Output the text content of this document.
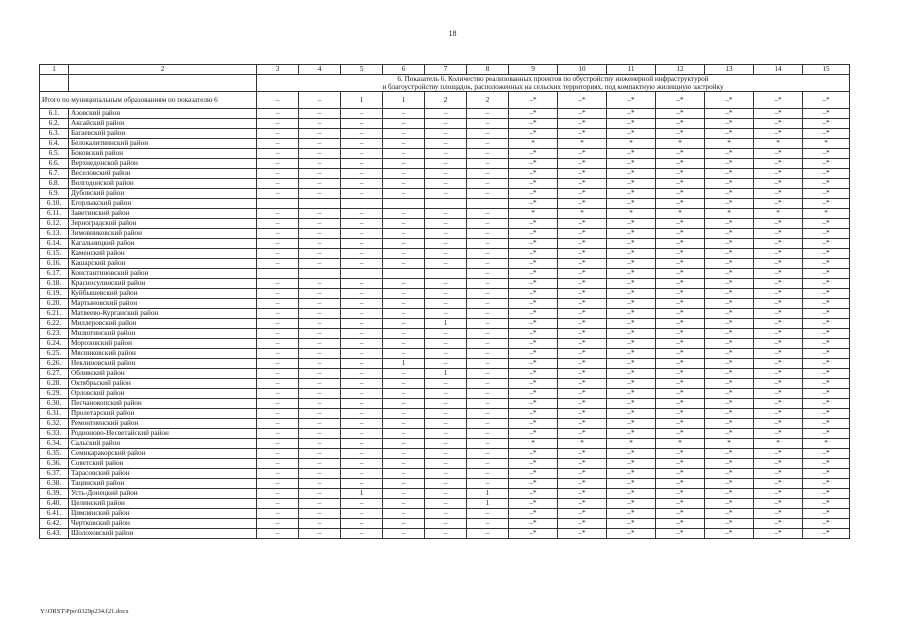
18
1	2	3	4	5	6	7	8	9	10	11	12	13	14	15

		6. Показатель 6. Количество реализованных проектов по обустройству инженерной инфраструктурой
и благоустройству площадок, расположенных на сельских территориях, под компактную жилищную застройку												

Итого по муниципальным образованиям по показателю 6		–	–	1	1	2	2	–*	–*	–*	–*	–*	–*	–*
6.1.	Азовский район	–	–	–	–	–	–	–*	–*	–*	–*	–*	–*	–*
6.2.	Аксайский район	–	–	–	–	–	–	–*	–*	–*	–*	–*	–*	–*
6.3.	Багаевский район	–	–	–	–	–	–	–*	–*	–*	–*	–*	–*	–*
6.4.	Белокалитвинский район	–	–	–	–	–	–	*	*	*	*	*	*	*
6.5.	Боковский район	–	–	–	–	–	–	–*	–*	–*	–*	–*	–*	–*
6.6.	Верхнедонской район	–	–	–	–	–	–	–*	–*	–*	–*	–*	–*	–*
6.7.	Веселовский район	–	–	–	–	–	–	–*	–*	–*	–*	–*	–*	–*
6.8.	Волгодонской район	–	–	–	–	–	–	–*	–*	–*	–*	–*	–*	–*
6.9.	Дубовский район	–	–	–	–	–	–	–*	–*	–*	–*	–*	–*	–*
6.10.	Егорлыкский район							–*	–*	–*	–*	–*	–*	–*
6.11.	Заветинский район	–	–	–	–	–	–	*	*	*	*	*	*	*
6.12.	Зерноградский район	–	–	–	–	–	–	–*	–*	–*	–*	–*	–*	–*
6.13.	Зимовниковский район	–	–	–	–	–	–	–*	–*	–*	–*	–*	–*	–*
6.14.	Кагальницкий район	–	–	–	–	–	–	–*	–*	–*	–*	–*	–*	–*
6.15.	Каменский район	–	–	–	–	–	–	–*	–*	–*	–*	–*	–*	–*
6.16.	Кашарский район	–	–	–	–	–	–	–*	–*	–*	–*	–*	–*	–*
6.17.	Константиновский район						–	–*	–*	–*	–*	–*	–*	–*
6.18.	Красносулинский район	–	–	–	–	–	–	–*	–*	–*	–*	–*	–*	–*
6.19.	Куйбышевский район	–	–	–	–	–	–	–*	–*	–*	–*	–*	–*	–*
6.20.	Мартыновский район	–	–	–	–	–	–	–*	–*	–*	–*	–*	–*	–*
6.21.	Матвеево-Курганский район	–	–	–	–	–	–	–*	–*	–*	–*	–*	–*	–*
6.22.	Миллеровский район	–	–	–	–	1	–	–*	–*	–*	–*	–*	–*	–*
6.23.	Милютинский район	–	–	–	–	–	–	–*	–*	–*	–*	–*	–*	–*
6.24.	Морозовский район	–	–	–	–	–	–	–*	–*	–*	–*	–*	–*	–*
6.25.	Мясниковский район	–	–	–	–	–	–	–*	–*	–*	–*	–*	–*	–*
6.26.	Неклиновский район	–	–	–	1	–	–	–*	–*	–*	–*	–*	–*	–*
6.27.	Обливский район	–	–	–	–	1	–	–*	–*	–*	–*	–*	–*	–*
6.28.	Октябрьский район	–	–	–	–	–	–	–*	–*	–*	–*	–*	–*	–*
6.29.	Орловский район	–	–	–	–	–	–	–*	–*	–*	–*	–*	–*	–*
6.30.	Песчанокопский район	–	–	–	–	–	–	–*	–*	–*	–*	–*	–*	–*
6.31.	Пролетарский район	–	–	–	–	–	–	–*	–*	–*	–*	–*	–*	–*
6.32.	Ремонтненский район	–	–	–	–	–	–	–*	–*	–*	–*	–*	–*	–*
6.33.	Родионово-Несветайский район	–	–	–	–	–	–	–*	–*	–*	–*	–*	–*	–*
6.34.	Сальский район	–	–	–	–	–	–	*	*	*	*	*	*	*
6.35.	Семикаракорский район	–	–	–	–	–	–	–*	–*	–*	–*	–*	–*	–*
6.36.	Советский район	–	–	–	–	–	–	–*	–*	–*	–*	–*	–*	–*
6.37.	Тарасовский район	–	–	–	–	–	–	–*	–*	–*	–*	–*	–*	–*
6.38.	Тацинский район	–	–	–	–	–	–	–*	–*	–*	–*	–*	–*	–*
6.39.	Усть-Донецкий район	–	–	1	–	–	1	–*	–*	–*	–*	–*	–*	–*
6.40.	Целинский район	–	–	–	–	–	1	–*	–*	–*	–*	–*	–*	–*
6.41.	Цимлянский район	–	–	–	–	–	–	–*	–*	–*	–*	–*	–*	–*
6.42.	Чертковский район	–	–	–	–	–	–	–*	–*	–*	–*	–*	–*	–*
6.43.	Шолоховский район	–	–	–	–	–	–	–*	–*	–*	–*	–*	–*	–*
Y:\ORST\Ppo\0329p234.f21.docx
